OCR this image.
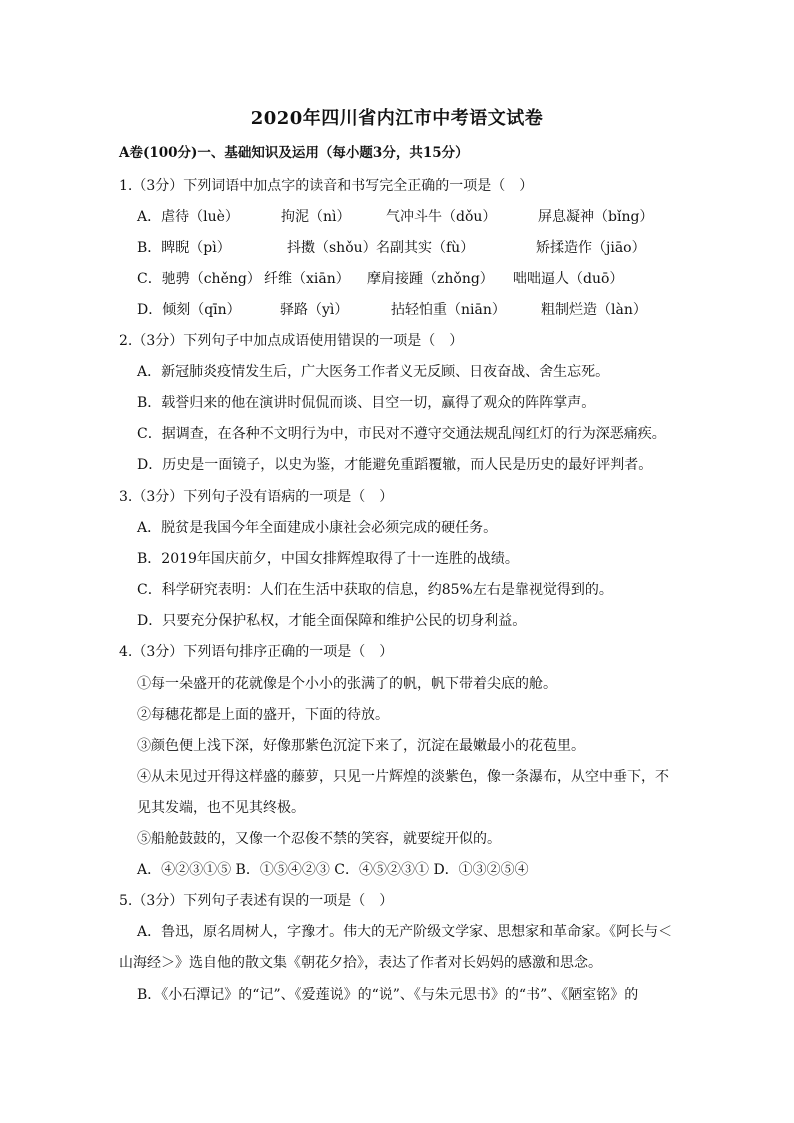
2020年四川省内江市中考语文试卷
A卷(100分)一、基础知识及运用（每小题3分，共15分）
1.（3分）下列词语中加点字的读音和书写完全正确的一项是（　）
A．虐待（luè）	拘泥（nì）	气冲斗牛（dǒu）	屏息凝神（bǐng）
B．睥睨（pì）	抖擞（shǒu） 名副其实（fù）	矫揉造作（jiāo）
C．驰骋（chěng） 纤维（xiān） 摩肩接踵（zhǒng） 咄咄逼人（duō）
D．倾刻（qīn）	驿路（yì）	拈轻怕重（niān）	粗制烂造（làn）
2.（3分）下列句子中加点成语使用错误的一项是（　）
A．新冠肺炎疫情发生后，广大医务工作者义无反顾、日夜奋战、舍生忘死。
B．载誉归来的他在演讲时侃侃而谈、目空一切，赢得了观众的阵阵掌声。
C．据调查，在各种不文明行为中，市民对不遵守交通法规乱闯红灯的行为深恶痛疾。
D．历史是一面镜子，以史为鉴，才能避免重蹈覆辙，而人民是历史的最好评判者。
3.（3分）下列句子没有语病的一项是（　）
A．脱贫是我国今年全面建成小康社会必须完成的硬任务。
B．2019年国庆前夕，中国女排辉煌取得了十一连胜的战绩。
C．科学研究表明：人们在生活中获取的信息，约85%左右是靠视觉得到的。
D．只要充分保护私权，才能全面保障和维护公民的切身利益。
4.（3分）下列语句排序正确的一项是（　）
①每一朵盛开的花就像是个小小的张满了的帆，帆下带着尖底的舱。
②每穗花都是上面的盛开，下面的待放。
③颜色便上浅下深，好像那紫色沉淀下来了，沉淀在最嫩最小的花苞里。
④从未见过开得这样盛的藤萝，只见一片辉煌的淡紫色，像一条瀑布，从空中垂下，不
见其发端，也不见其终极。
⑤船舱鼓鼓的，又像一个忍俊不禁的笑容，就要绽开似的。
A．④②③①⑤ B．①⑤④②③ C．④⑤②③① D．①③②⑤④
5.（3分）下列句子表述有误的一项是（　）
A．鲁迅，原名周树人，字豫才。伟大的无产阶级文学家、思想家和革命家。《阿长与＜
山海经＞》选自他的散文集《朝花夕拾》，表达了作者对长妈妈的感激和思念。
B．《小石潭记》的“记”、《爱莲说》的“说”、《与朱元思书》的“书”、《陋室铭》的
